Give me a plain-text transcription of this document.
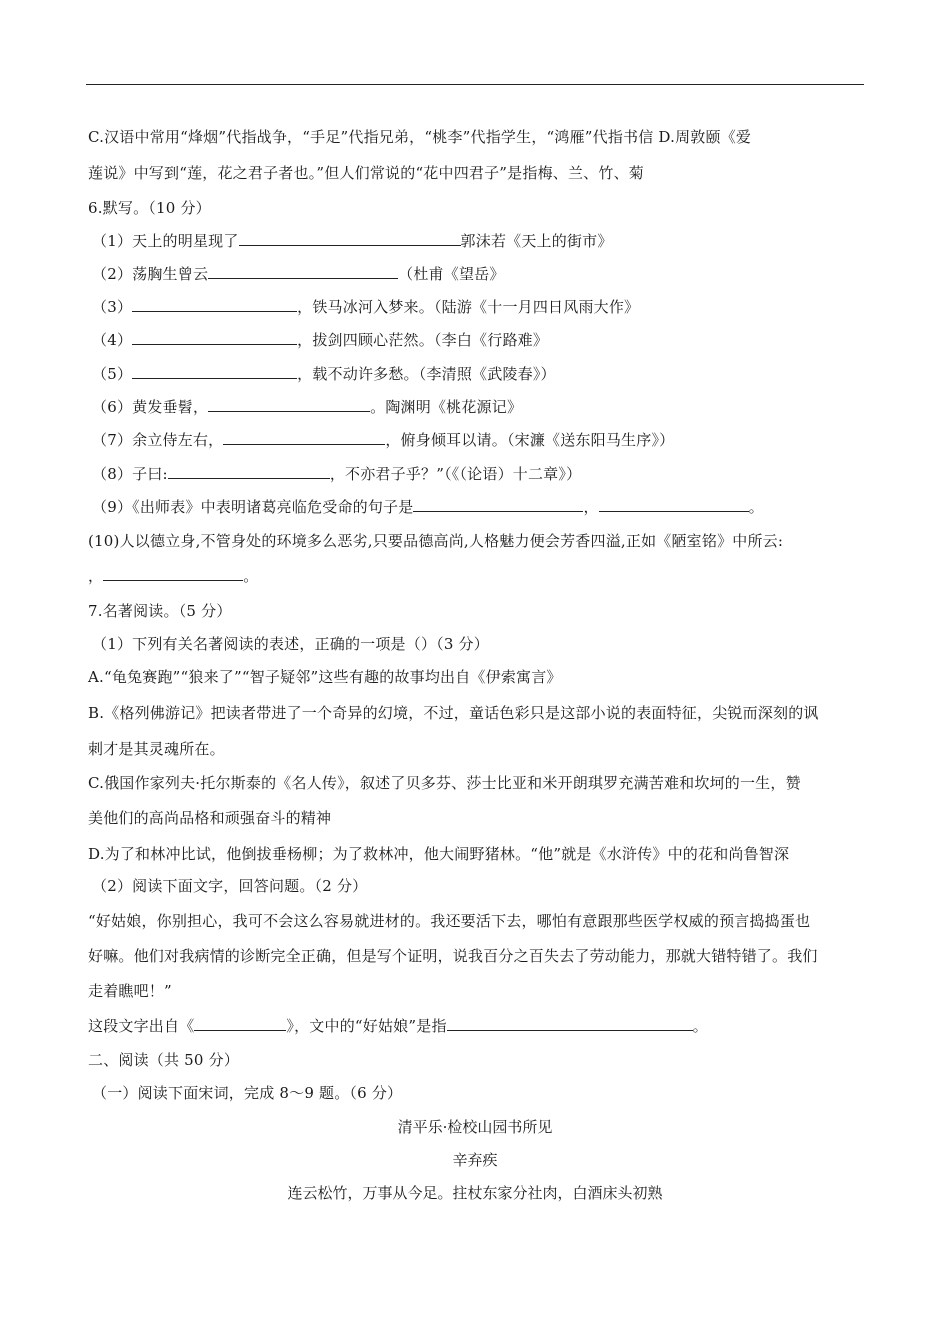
C.汉语中常用“烽烟”代指战争，“手足”代指兄弟，“桃李”代指学生，“鸿雁”代指书信 D.周敦颐《爱
莲说》中写到“莲，花之君子者也。”但人们常说的“花中四君子”是指梅、兰、竹、菊
6.默写。（10 分）
（1）天上的明星现了	郭沫若《天上的街市》
（2）荡胸生曾云	（杜甫《望岳》
（3）	，铁马冰河入梦来。（陆游《十一月四日风雨大作》
（4）	，拔剑四顾心茫然。（李白《行路难》
（5）	，载不动许多愁。（李清照《武陵春》）
（6）黄发垂髫，	。陶渊明《桃花源记》
（7）余立侍左右，	，俯身倾耳以请。（宋濂《送东阳马生序》）
（8）子曰:	，不亦君子乎？”（《（论语）十二章》）
（9）《出师表》中表明诸葛亮临危受命的句子是	，	。
(10)人以德立身,不管身处的环境多么恶劣,只要品德高尚,人格魅力便会芳香四溢,正如《陋室铭》中所云:
，	。
7.名著阅读。（5 分）
（1）下列有关名著阅读的表述，正确的一项是（）（3 分）
A.“龟兔赛跑”“狼来了”“智子疑邻”这些有趣的故事均出自《伊索寓言》
B.《格列佛游记》把读者带进了一个奇异的幻境，不过，童话色彩只是这部小说的表面特征，尖锐而深刻的讽
刺才是其灵魂所在。
C.俄国作家列夫·托尔斯泰的《名人传》，叙述了贝多芬、莎士比亚和米开朗琪罗充满苦难和坎坷的一生，赞
美他们的高尚品格和顽强奋斗的精神
D.为了和林冲比试，他倒拔垂杨柳；为了救林冲，他大闹野猪林。“他”就是《水浒传》中的花和尚鲁智深
（2）阅读下面文字，回答问题。（2 分）
“好姑娘，你别担心，我可不会这么容易就进材的。我还要活下去，哪怕有意跟那些医学权威的预言捣捣蛋也
好嘛。他们对我病情的诊断完全正确，但是写个证明，说我百分之百失去了劳动能力，那就大错特错了。我们
走着瞧吧！”
这段文字出自《	》，文中的“好姑娘”是指	。
二、阅读（共 50 分）
（一）阅读下面宋词，完成 8～9 题。（6 分）
清平乐·检校山园书所见
辛弃疾
连云松竹，万事从今足。拄杖东家分社肉，白酒床头初熟
